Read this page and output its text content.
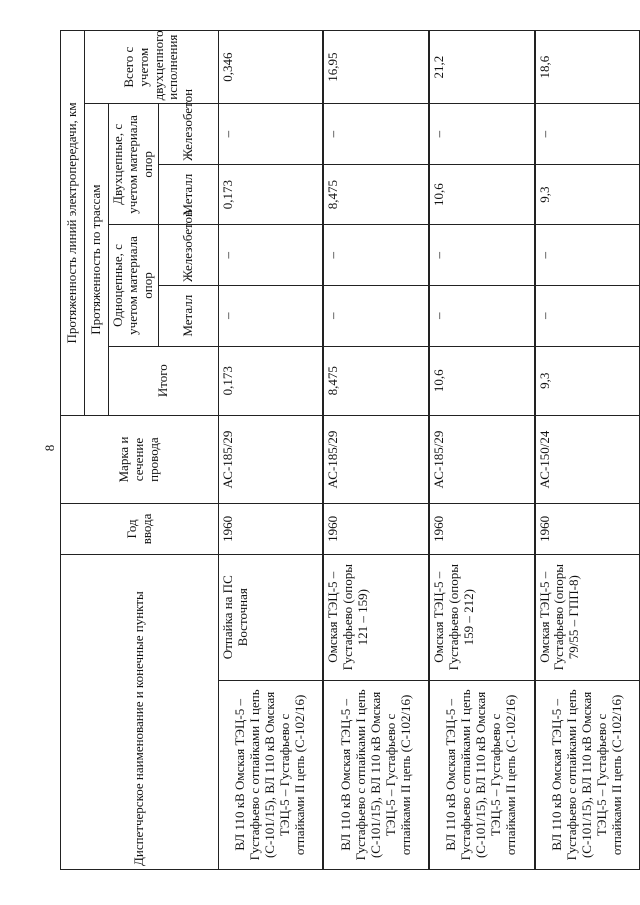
8
Диспетчерское наименование и конечные пункты		Год ввода	Марка и сечение провода	Протяженность линий электропередачи, км					
				Протяженность по трассам					Всего с учетом двухцепного исполнения
				Итого	Одноцепные, с учетом материала опор		Двухцепные, с учетом материала опор		
					Металл	Железобетон	Металл	Железобетон	
ВЛ 110 кВ Омская ТЭЦ-5 – Густафьево с отпайками I цепь (С-101/15), ВЛ 110 кВ Омская ТЭЦ-5 – Густафьево с отпайками II цепь (С-102/16)	Отпайка на ПС Восточная	1960	АС-185/29	0,173	–	–	0,173	–	0,346
ВЛ 110 кВ Омская ТЭЦ-5 – Густафьево с отпайками I цепь (С-101/15), ВЛ 110 кВ Омская ТЭЦ-5 – Густафьево с отпайками II цепь (С-102/16)	Омская ТЭЦ-5 – Густафьево (опоры 121 – 159)	1960	АС-185/29	8,475	–	–	8,475	–	16,95
ВЛ 110 кВ Омская ТЭЦ-5 – Густафьево с отпайками I цепь (С-101/15), ВЛ 110 кВ Омская ТЭЦ-5 – Густафьево с отпайками II цепь (С-102/16)	Омская ТЭЦ-5 – Густафьево (опоры 159 – 212)	1960	АС-185/29	10,6	–	–	10,6	–	21,2
ВЛ 110 кВ Омская ТЭЦ-5 – Густафьево с отпайками I цепь (С-101/15), ВЛ 110 кВ Омская ТЭЦ-5 – Густафьево с отпайками II цепь (С-102/16)	Омская ТЭЦ-5 – Густафьево (опоры 79/55 – ГПП-8)	1960	АС-150/24	9,3	–	–	9,3	–	18,6
